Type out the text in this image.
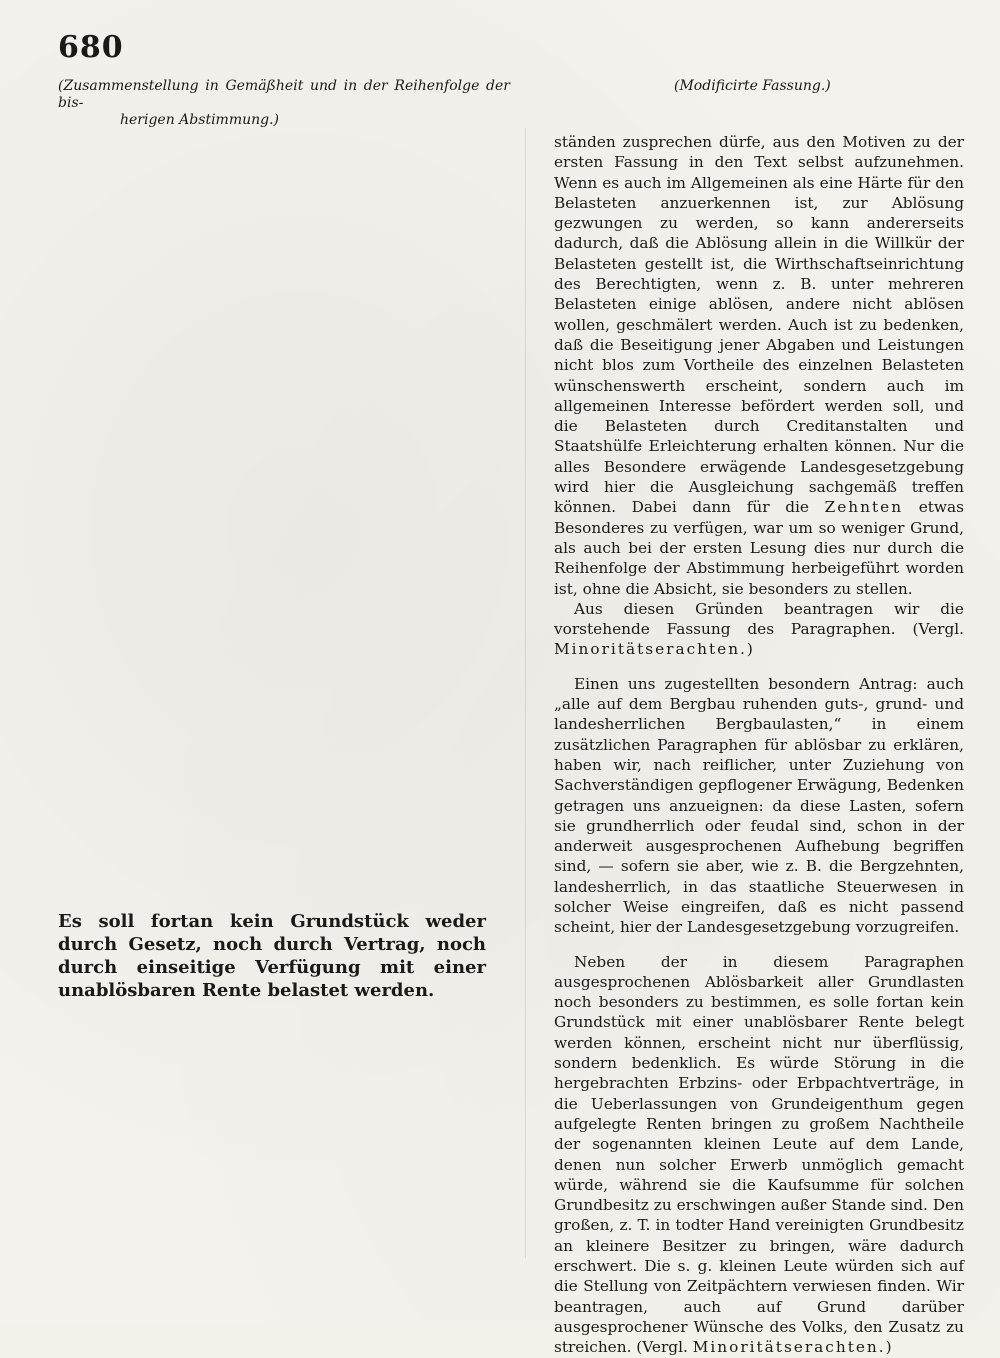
680
(Zusammenstellung in Gemäßheit und in der Reihenfolge der bis-
herigen Abstimmung.)
(Modificirte Fassung.)
Es soll fortan kein Grundstück weder durch Gesetz, noch durch Vertrag, noch durch einseitige Verfügung mit einer unablösbaren Rente belastet werden.

ständen zusprechen dürfe, aus den Motiven zu der ersten Fassung in den Text selbst aufzunehmen. Wenn es auch im Allgemeinen als eine Härte für den Belasteten anzuerkennen ist, zur Ablösung gezwungen zu werden, so kann andererseits dadurch, daß die Ablösung allein in die Willkür der Belasteten gestellt ist, die Wirthschaftseinrichtung des Berechtigten, wenn z. B. unter mehreren Belasteten einige ablösen, andere nicht ablösen wollen, geschmälert werden. Auch ist zu bedenken, daß die Beseitigung jener Abgaben und Leistungen nicht blos zum Vortheile des einzelnen Belasteten wünschenswerth erscheint, sondern auch im allgemeinen Interesse befördert werden soll, und die Belasteten durch Creditanstalten und Staatshülfe Erleichterung erhalten können. Nur die alles Besondere erwägende Landesgesetzgebung wird hier die Ausgleichung sachgemäß treffen können. Dabei dann für die Zehnten etwas Besonderes zu verfügen, war um so weniger Grund, als auch bei der ersten Lesung dies nur durch die Reihenfolge der Abstimmung herbeigeführt worden ist, ohne die Absicht, sie besonders zu stellen.

Aus diesen Gründen beantragen wir die vorstehende Fassung des Paragraphen. (Vergl. Minoritätserachten.)

Einen uns zugestellten besondern Antrag: auch „alle auf dem Bergbau ruhenden guts-, grund- und landesherrlichen Bergbaulasten,“ in einem zusätzlichen Paragraphen für ablösbar zu erklären, haben wir, nach reiflicher, unter Zuziehung von Sachverständigen gepflogener Erwägung, Bedenken getragen uns anzueignen: da diese Lasten, sofern sie grundherrlich oder feudal sind, schon in der anderweit ausgesprochenen Aufhebung begriffen sind, — sofern sie aber, wie z. B. die Bergzehnten, landesherrlich, in das staatliche Steuerwesen in solcher Weise eingreifen, daß es nicht passend scheint, hier der Landesgesetzgebung vorzugreifen.

Neben der in diesem Paragraphen ausgesprochenen Ablösbarkeit aller Grundlasten noch besonders zu bestimmen, es solle fortan kein Grundstück mit einer unablösbarer Rente belegt werden können, erscheint nicht nur überflüssig, sondern bedenklich. Es würde Störung in die hergebrachten Erbzins- oder Erbpachtverträge, in die Ueberlassungen von Grundeigenthum gegen aufgelegte Renten bringen zu großem Nachtheile der sogenannten kleinen Leute auf dem Lande, denen nun solcher Erwerb unmöglich gemacht würde, während sie die Kaufsumme für solchen Grundbesitz zu erschwingen außer Stande sind. Den großen, z. T. in todter Hand vereinigten Grundbesitz an kleinere Besitzer zu bringen, wäre dadurch erschwert. Die s. g. kleinen Leute würden sich auf die Stellung von Zeitpächtern verwiesen finden. Wir beantragen, auch auf Grund darüber ausgesprochener Wünsche des Volks, den Zusatz zu streichen. (Vergl. Minoritätserachten.)
